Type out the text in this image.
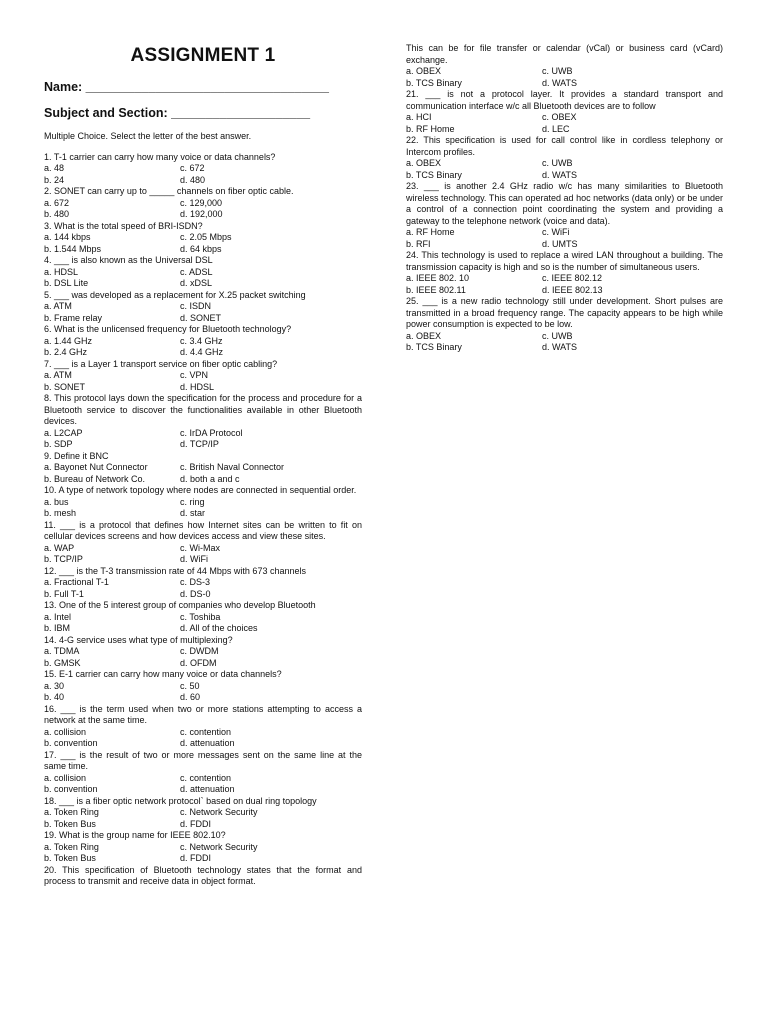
ASSIGNMENT 1
Name: ___________________________________
Subject and Section: ____________________
Multiple Choice. Select the letter of the best answer.

1. T-1 carrier can carry how many voice or data channels?

a. 48	c. 672
b. 24	d. 480

2. SONET can carry up to _____ channels on fiber optic cable.

a. 672	c. 129,000
b. 480	d. 192,000

3. What is the total speed of BRI-ISDN?

a. 144 kbps	c. 2.05 Mbps
b. 1.544 Mbps	d. 64 kbps

4. ___ is also known as the Universal DSL

a. HDSL	c. ADSL
b. DSL Lite	d. xDSL

5. ___ was developed as a replacement for X.25 packet switching

a. ATM	c. ISDN
b. Frame relay	d. SONET

6. What is the unlicensed frequency for Bluetooth technology?

a. 1.44 GHz	c. 3.4 GHz
b. 2.4 GHz	d. 4.4 GHz

7. ___ is a Layer 1 transport service on fiber optic cabling?

a. ATM	c. VPN
b. SONET	d. HDSL

8. This protocol lays down the specification for the process and procedure for a Bluetooth service to discover the functionalities available in other Bluetooth devices.

a. L2CAP	c. IrDA Protocol
b. SDP	d. TCP/IP

9. Define it BNC

a. Bayonet Nut Connector	c. British Naval Connector
b. Bureau of Network Co.	d. both a and c

10. A type of network topology where nodes are connected in sequential order.

a. bus	c. ring
b. mesh	d. star

11. ___ is a protocol that defines how Internet sites can be written to fit on cellular devices screens and how devices access and view these sites.

a. WAP	c. Wi-Max
b. TCP/IP	d. WiFi

12. ___ is the T-3 transmission rate of 44 Mbps with 673 channels

a. Fractional T-1	c. DS-3
b. Full T-1	d. DS-0

13. One of the 5 interest group of companies who develop Bluetooth

a. Intel	c. Toshiba
b. IBM	d. All of the choices

14. 4-G service uses what type of multiplexing?

a. TDMA	c. DWDM
b. GMSK	d. OFDM

15. E-1 carrier can carry how many voice or data channels?

a. 30	c. 50
b. 40	d. 60

16. ___ is the term used when two or more stations attempting to access a network at the same time.

a. collision	c. contention
b. convention	d. attenuation

17. ___ is the result of two or more messages sent on the same line at the same time.

a. collision	c. contention
b. convention	d. attenuation

18. ___ is a fiber optic network protocol` based on dual ring topology

a. Token Ring	c. Network Security
b. Token Bus	d. FDDI

19. What is the group name for IEEE 802.10?

a. Token Ring	c. Network Security
b. Token Bus	d. FDDI

20. This specification of Bluetooth technology states that the format and process to transmit and receive data in object format.

This can be for file transfer or calendar (vCal) or business card (vCard) exchange.

a. OBEX	c. UWB
b. TCS Binary	d. WATS

21. ___ is not a protocol layer. It provides a standard transport and communication interface w/c all Bluetooth devices are to follow

a. HCI	c. OBEX
b. RF Home	d. LEC

22. This specification is used for call control like in cordless telephony or Intercom profiles.

a. OBEX	c. UWB
b. TCS Binary	d. WATS

23. ___ is another 2.4 GHz radio w/c has many similarities to Bluetooth wireless technology. This can operated ad hoc networks (data only) or be under a control of a connection point coordinating the system and providing a gateway to the telephone network (voice and data).

a. RF Home	c. WiFi
b. RFI	d. UMTS

24. This technology is used to replace a wired LAN throughout a building. The transmission capacity is high and so is the number of simultaneous users.

a. IEEE 802. 10	c. IEEE 802.12
b. IEEE 802.11	d. IEEE 802.13

25. ___ is a new radio technology still under development. Short pulses are transmitted in a broad frequency range. The capacity appears to be high while power consumption is expected to be low.

a. OBEX	c. UWB
b. TCS Binary	d. WATS
